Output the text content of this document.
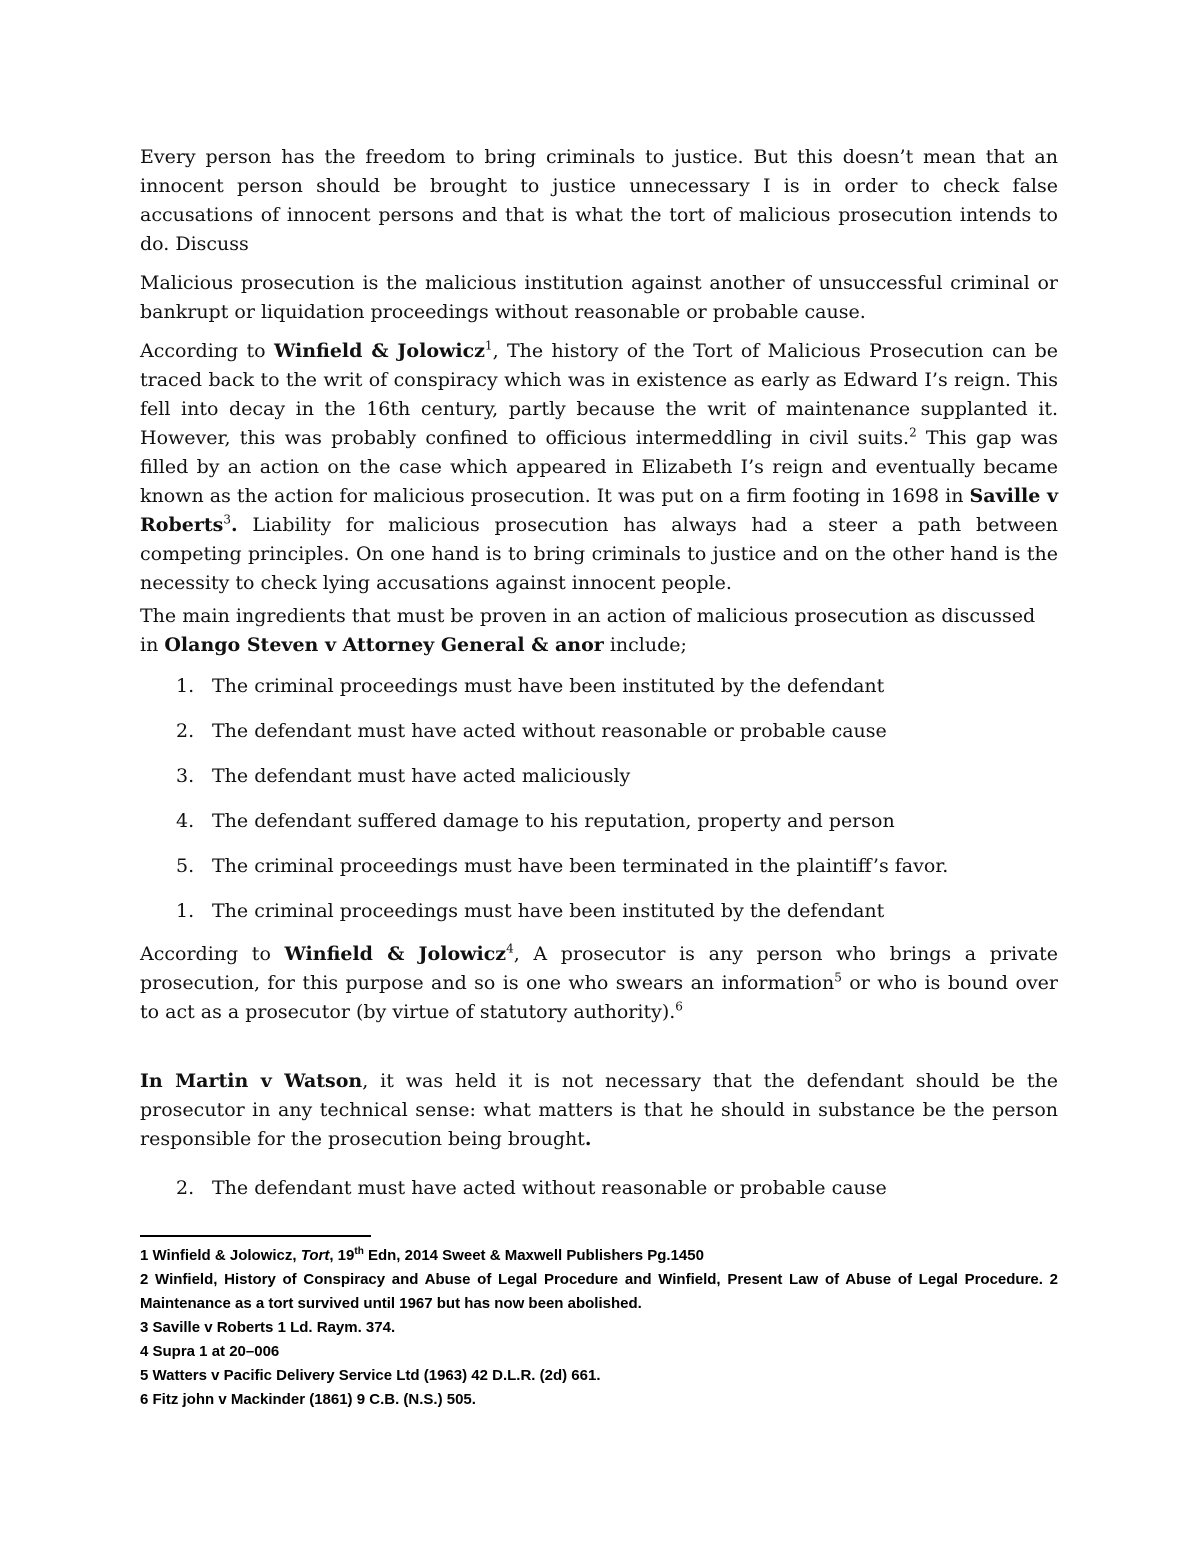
Every person has the freedom to bring criminals to justice. But this doesn’t mean that an innocent person should be brought to justice unnecessary I is in order to check false accusations of innocent persons and that is what the tort of malicious prosecution intends to do. Discuss

Malicious prosecution is the malicious institution against another of unsuccessful criminal or bankrupt or liquidation proceedings without reasonable or probable cause.

According to Winfield & Jolowicz$^1$, The history of the Tort of Malicious Prosecution can be traced back to the writ of conspiracy which was in existence as early as Edward I’s reign. This fell into decay in the 16th century, partly because the writ of maintenance supplanted it. However, this was probably confined to officious intermeddling in civil suits.$^2$ This gap was filled by an action on the case which appeared in Elizabeth I’s reign and eventually became known as the action for malicious prosecution. It was put on a firm footing in 1698 in Saville v Roberts$^3$. Liability for malicious prosecution has always had a steer a path between competing principles. On one hand is to bring criminals to justice and on the other hand is the necessity to check lying accusations against innocent people.

The main ingredients that must be proven in an action of malicious prosecution as discussed in Olango Steven v Attorney General & anor include;

1. The criminal proceedings must have been instituted by the defendant
2. The defendant must have acted without reasonable or probable cause
3. The defendant must have acted maliciously
4. The defendant suffered damage to his reputation, property and person
5. The criminal proceedings must have been terminated in the plaintiff’s favor.
1. The criminal proceedings must have been instituted by the defendant

According to Winfield & Jolowicz$^4$, A prosecutor is any person who brings a private prosecution, for this purpose and so is one who swears an information$^5$ or who is bound over to act as a prosecutor (by virtue of statutory authority).$^6$

In Martin v Watson, it was held it is not necessary that the defendant should be the prosecutor in any technical sense: what matters is that he should in substance be the person responsible for the prosecution being brought.

2. The defendant must have acted without reasonable or probable cause

1 Winfield & Jolowicz, Tort, 19th Edn, 2014 Sweet & Maxwell Publishers Pg.1450

2 Winfield, History of Conspiracy and Abuse of Legal Procedure and Winfield, Present Law of Abuse of Legal Procedure. 2 Maintenance as a tort survived until 1967 but has now been abolished.

3 Saville v Roberts 1 Ld. Raym. 374.

4 Supra 1 at 20–006

5 Watters v Pacific Delivery Service Ltd (1963) 42 D.L.R. (2d) 661.

6 Fitz john v Mackinder (1861) 9 C.B. (N.S.) 505.
